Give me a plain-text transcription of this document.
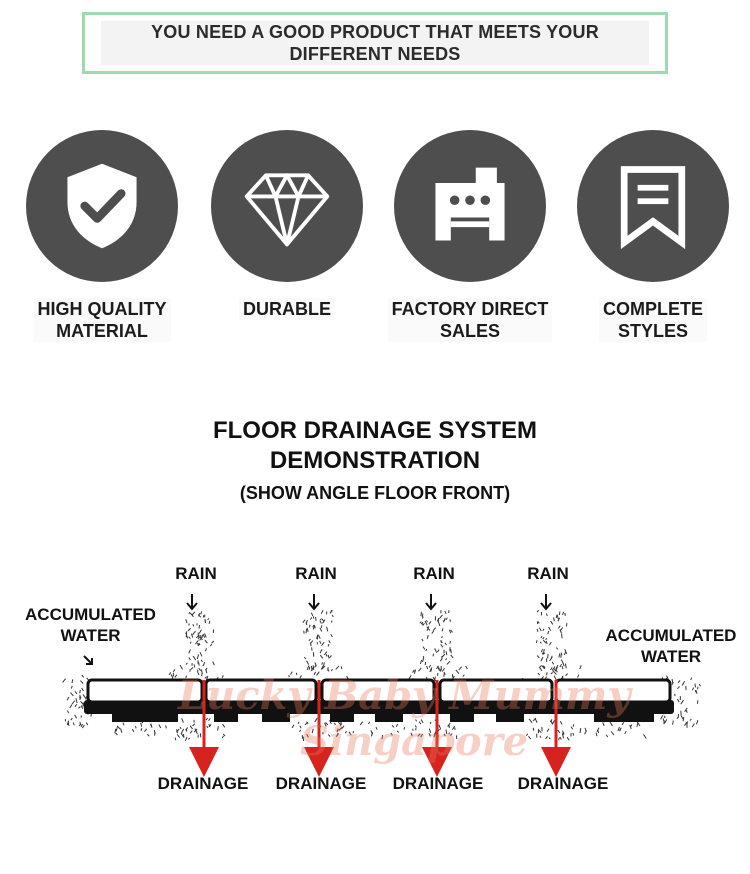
YOU NEED A GOOD PRODUCT THAT MEETS YOUR
DIFFERENT NEEDS
HIGH QUALITY
MATERIAL
DURABLE	FACTORY DIRECT
SALES
COMPLETE
STYLES
FLOOR DRAINAGE SYSTEM
DEMONSTRATION
(SHOW ANGLE FLOOR FRONT)
RAIN	RAIN	RAIN	RAIN
ACCUMULATED
WATER	ACCUMULATED
WATER
DRAINAGE	DRAINAGE	DRAINAGE	DRAINAGE
Lucky Baby Mummy
Singapore
